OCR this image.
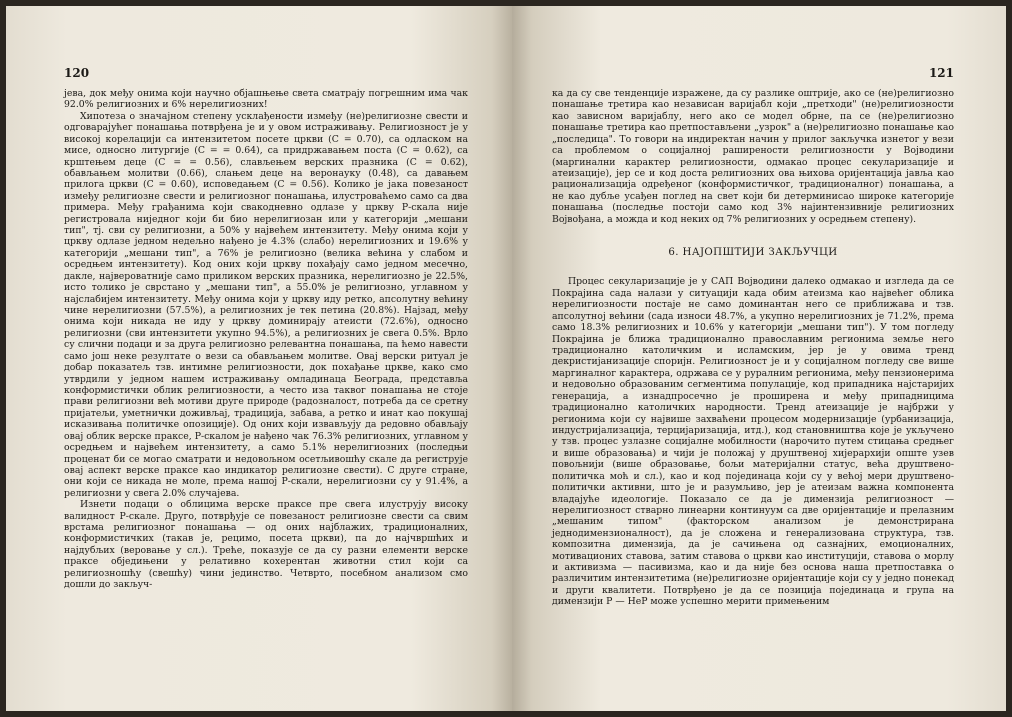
120

јева, док међу онима који научно објашњење света сматрају погрешним има чак 92.0% религиозних и 6% нерелигиозних!

Хипотеза о значајном степену усклађености између (не)религиозне свести и одговарајућег понашања потврђена је и у овом истраживању. Религиозност је у високој корелацији са интензитетом посете цркви (C = 0.70), са одласком на мисе, односно литургије (C = = 0.64), са придржавањем поста (C = 0.62), са крштењем деце (C = = 0.56), слављењем верских празника (C = 0.62), обављањем молитви (0.66), слањем деце на веронауку (0.48), са давањем прилога цркви (C = 0.60), исповедањем (C = 0.56). Колико је јака повезаност између религиозне свести и религиозног понашања, илустроваћемо само са два примера. Међу грађанима који свакодневно одлазе у цркву Р-скала није регистровала ниједног који би био нерелигиозан или у категорији „мешани тип", тј. сви су религиозни, а 50% у највећем интензитету. Међу онима који у цркву одлазе једном недељно нађено је 4.3% (слабо) нерелигиозних и 19.6% у категорији „мешани тип", а 76% је религиозно (велика већина у слабом и осредњем интензитету). Код оних који цркву похађају само једном месечно, дакле, највероватније само приликом верских празника, нерелигиозно је 22.5%, исто толико је сврстано у „мешани тип", а 55.0% је религиозно, углавном у најслабијем интензитету. Међу онима који у цркву иду ретко, апсолутну већину чине нерелигиозни (57.5%), а религиозних је тек петина (20.8%). Најзад, међу онима који никада не иду у цркву доминирају атеисти (72.6%), односно религиозни (сви интензитети укупно 94.5%), а религиозних је свега 0.5%. Врло су слични подаци и за друга религиозно релевантна понашања, па ћемо навести само још неке резултате о вези са обављањем молитве. Овај верски ритуал је добар показатељ тзв. интимне религиозности, док похађање цркве, како смо утврдили у једном нашем истраживању омладинаца Београда, представља конформистички облик религиозности, а често иза таквог понашања не стоје прави религиозни већ мотиви друге природе (радозналост, потреба да се сретну пријатељи, уметнички доживљај, традиција, забава, а ретко и инат као покушај исказивања политичке опозиције). Од оних који извављују да редовно обављају овај облик верске праксе, Р-скалом је нађено чак 76.3% религиозних, углавном у осредњем и највећем интензитету, а само 5.1% нерелигиозних (последњи проценат би се могао сматрати и недовољном осетљивошћу скале да региструје овај аспект верске праксе као индикатор религиозне свести). С друге стране, они који се никада не моле, према нашој Р-скали, нерелигиозни су у 91.4%, а религиозни у свега 2.0% случајева.

Изнети подаци о облицима верске праксе пре свега илуструју високу валидност Р-скале. Друго, потврђује се повезаност религиозне свести са свим врстама религиозног понашања — од оних најблажих, традиционалних, конформистичких (такав је, рецимо, посета цркви), па до најчвршћих и најдубљих (веровање у сл.). Треће, показује се да су разни елементи верске праксе обједињени у релативно кохерентан животни стил који са религиозношћу (свешћу) чини јединство. Четврто, посебном анализом смо дошли до закључ-

121

ка да су све тенденције изражене, да су разлике оштрије, ако се (не)религиозно понашање третира као независан варијабл који „претходи" (не)религиозности као зависном варијаблу, него ако се модел обрне, па се (не)религиозно понашање третира као претпостављени „узрок" а (не)религиозно понашање као „последица". То говори на индиректан начин у прилог закључка изнетог у вези са проблемом о социјалној раширености религиозности у Војводини (маргинални карактер религиозности, одмакао процес секуларизације и атеизације), јер се и код доста религиозних ова њихова оријентација јавља као рационализација одређеног (конформистичког, традиционалног) понашања, а не као дубље усађен поглед на свет који би детерминисао широке категорије понашања (последње постоји само код 3% најинтензивније религиозних Војвођана, а можда и код неких од 7% религиозних у осредњем степену).

6. НАЈОПШТИЈИ ЗАКЉУЧЦИ

Процес секуларизације је у САП Војводини далеко одмакао и изгледа да се Покрајина сада налази у ситуацији када обим атеизма као највећег облика нерелигиозности постаје не само доминантан него се приближава и тзв. апсолутној већини (сада износи 48.7%, а укупно нерелигиозних је 71.2%, према само 18.3% религиозних и 10.6% у категорији „мешани тип"). У том погледу Покрајина је ближа традиционално православним регионима земље него традиционално католичким и исламским, јер је у овима тренд декристијанизације споријн. Религиозност је и у социјалном погледу све више маргиналног карактера, одржава се у руралним регионима, међу пензионерима и недовољно образованим сегментима популације, код припадника најстаријих генерација, а изнадпросечно је проширена и међу припадницима традиционално католичких народности. Тренд атеизације је најбржи у регионима који су највише захваћени процесом модернизације (урбанизација, индустријализација, терцијаризација, итд.), код становништва које је укључено у тзв. процес узлазне социјалне мобилности (нарочито путем стицања средњег и више образовања) и чији је положај у друштвеној хијерархији опште узев повољнији (више образовање, бољи материјални статус, већа друштвено-политичка моћ и сл.), као и код појединаца који су у већој мери друштвено-политички активни, што је и разумљиво, јер је атеизам важна компонента владајуће идеологије. Показало се да је димензија религиозност — нерелигиозност стварно линеарни континуум са две оријентације и прелазним „мешаним типом" (факторском анализом је демонстрирана једнодимензионалност), да је сложена и генерализована структура, тзв. композитна димензија, да је сачињена од сазнајних, емоционалних, мотивационих ставова, затим ставова о цркви као институцији, ставова о морлу и активизма — пасивизма, као и да није без основа наша претпоставка о различитим интензитетима (не)религиозне оријентације који су у једно понекад и други квалитети. Потврђено је да се позиција појединаца и група на димензији Р — НеР може успешно мерити примењеним
